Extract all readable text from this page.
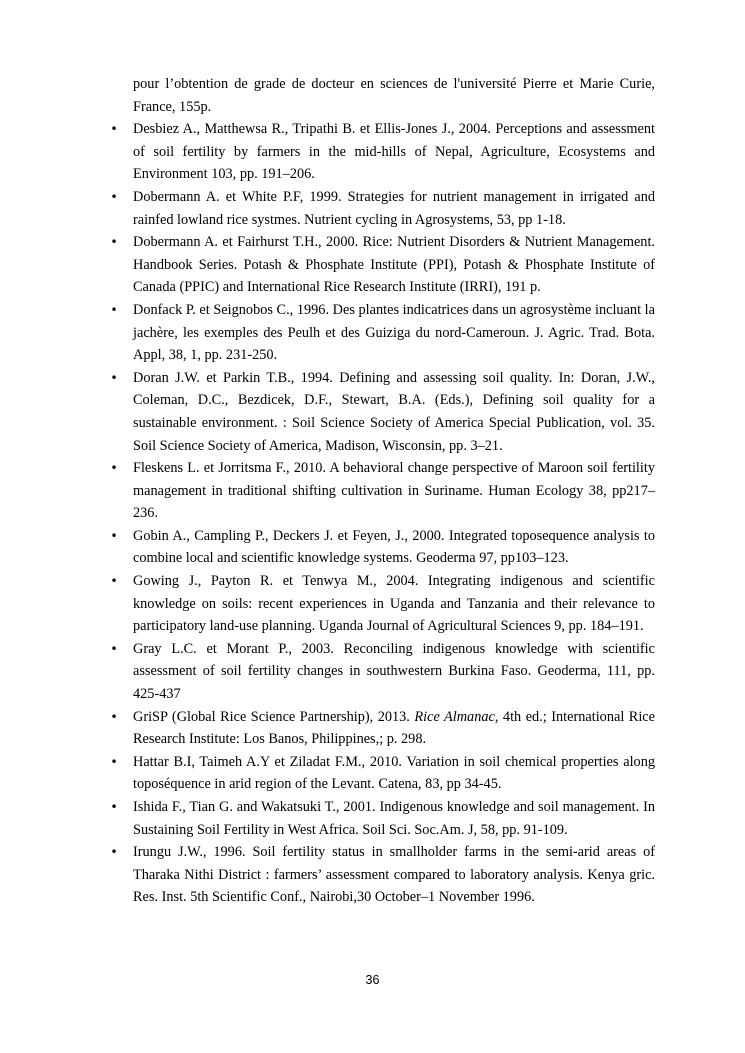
pour l’obtention de grade de docteur en sciences de l'université Pierre et Marie Curie, France, 155p.

• Desbiez A., Matthewsa R., Tripathi B. et Ellis-Jones J., 2004. Perceptions and assessment of soil fertility by farmers in the mid-hills of Nepal, Agriculture, Ecosystems and Environment 103, pp. 191–206.

• Dobermann A. et White P.F, 1999. Strategies for nutrient management in irrigated and rainfed lowland rice systmes. Nutrient cycling in Agrosystems, 53, pp 1-18.

• Dobermann A. et Fairhurst T.H., 2000. Rice: Nutrient Disorders & Nutrient Management. Handbook Series. Potash & Phosphate Institute (PPI), Potash & Phosphate Institute of Canada (PPIC) and International Rice Research Institute (IRRI), 191 p.

• Donfack P. et Seignobos C., 1996. Des plantes indicatrices dans un agrosystème incluant la jachère, les exemples des Peulh et des Guiziga du nord-Cameroun. J. Agric. Trad. Bota. Appl, 38, 1, pp. 231-250.

• Doran J.W. et Parkin T.B., 1994. Defining and assessing soil quality. In: Doran, J.W., Coleman, D.C., Bezdicek, D.F., Stewart, B.A. (Eds.), Defining soil quality for a sustainable environment. : Soil Science Society of America Special Publication, vol. 35. Soil Science Society of America, Madison, Wisconsin, pp. 3–21.

• Fleskens L. et Jorritsma F., 2010. A behavioral change perspective of Maroon soil fertility management in traditional shifting cultivation in Suriname. Human Ecology 38, pp217–236.

• Gobin A., Campling P., Deckers J. et Feyen, J., 2000. Integrated toposequence analysis to combine local and scientific knowledge systems. Geoderma 97, pp103–123.

• Gowing J., Payton R. et Tenwya M., 2004. Integrating indigenous and scientific knowledge on soils: recent experiences in Uganda and Tanzania and their relevance to participatory land-use planning. Uganda Journal of Agricultural Sciences 9, pp. 184–191.

• Gray L.C. et Morant P., 2003. Reconciling indigenous knowledge with scientific assessment of soil fertility changes in southwestern Burkina Faso. Geoderma, 111, pp. 425-437

• GriSP (Global Rice Science Partnership), 2013. Rice Almanac, 4th ed.; International Rice Research Institute: Los Banos, Philippines,; p. 298.

• Hattar B.I, Taimeh A.Y et Ziladat F.M., 2010. Variation in soil chemical properties along toposéquence in arid region of the Levant. Catena, 83, pp 34-45.

• Ishida F., Tian G. and Wakatsuki T., 2001. Indigenous knowledge and soil management. In Sustaining Soil Fertility in West Africa. Soil Sci. Soc.Am. J, 58, pp. 91-109.

• Irungu J.W., 1996. Soil fertility status in smallholder farms in the semi-arid areas of Tharaka Nithi District : farmers’ assessment compared to laboratory analysis. Kenya gric. Res. Inst. 5th Scientific Conf., Nairobi,30 October–1 November 1996.

36
